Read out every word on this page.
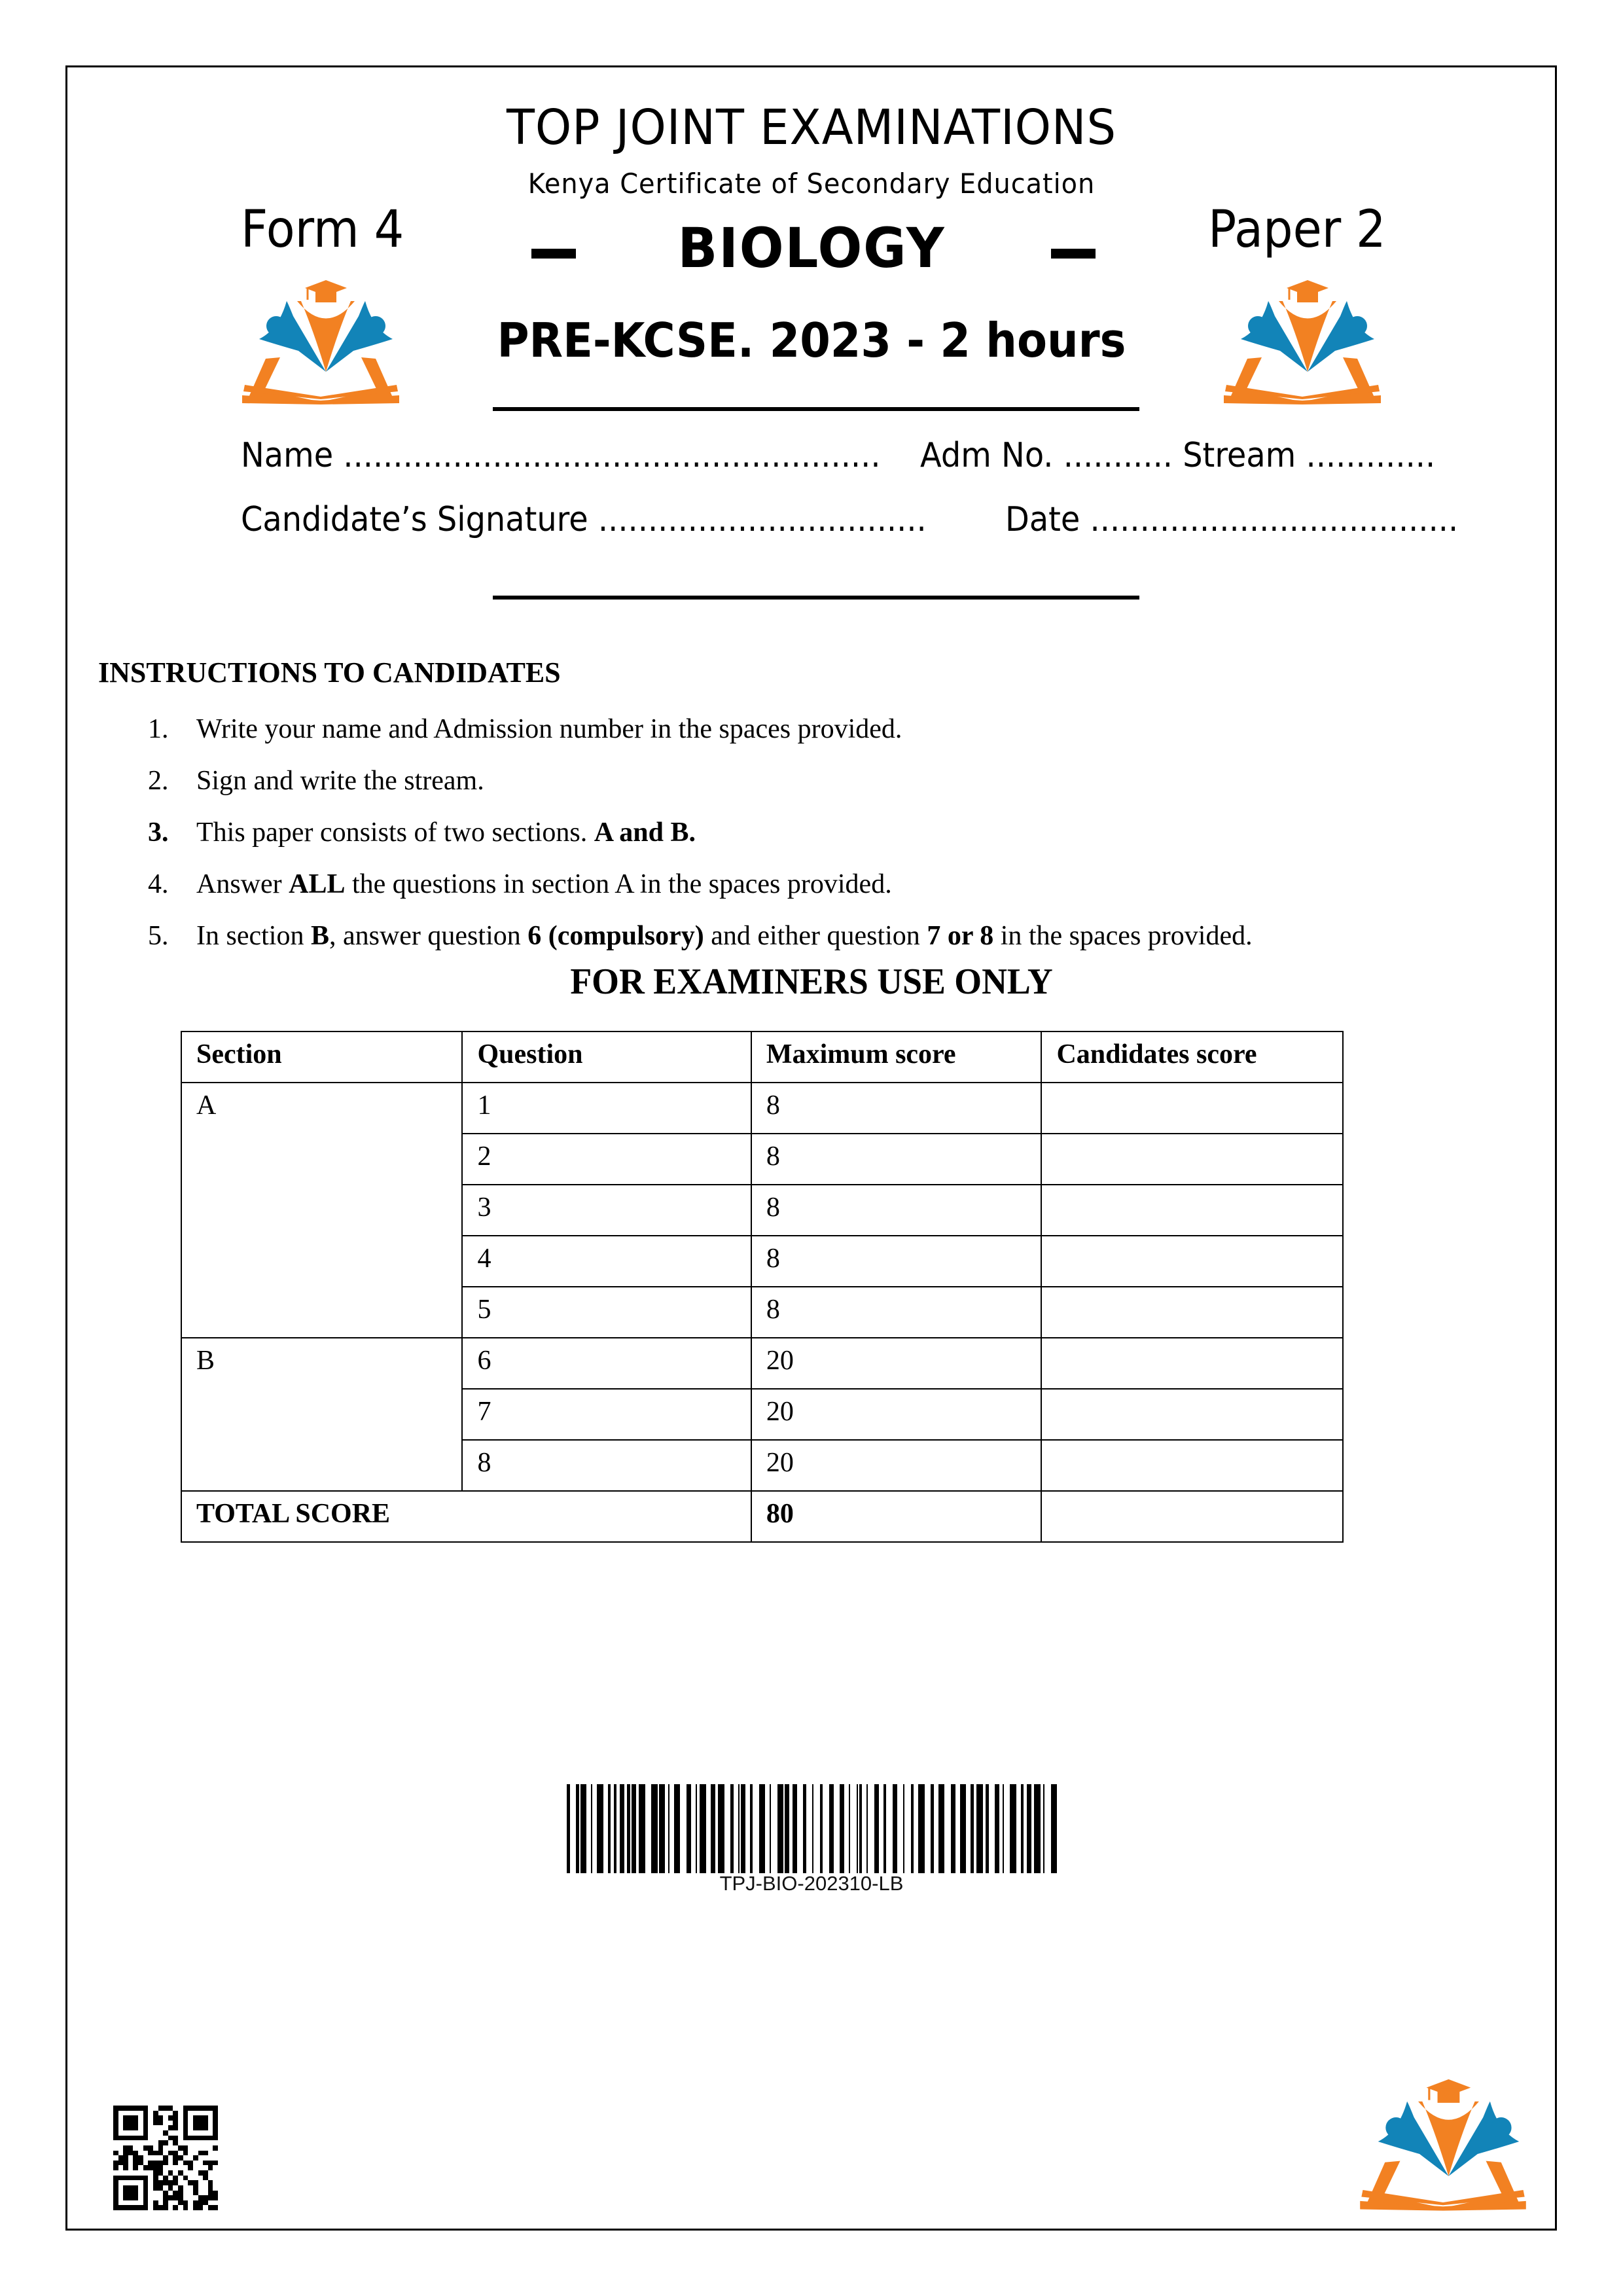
TOP JOINT EXAMINATIONS
Kenya Certificate of Secondary Education
Form 4	BIOLOGY	Paper 2
PRE-KCSE. 2023 - 2 hours
Name ...................................................... Adm No. ........... Stream .............
Candidate’s Signature ................................. Date .....................................
INSTRUCTIONS TO CANDIDATES
1. Write your name and Admission number in the spaces provided.
2. Sign and write the stream.
3. This paper consists of two sections. A and B.
4. Answer ALL the questions in section A in the spaces provided.
5. In section B, answer question 6 (compulsory) and either question 7 or 8 in the spaces provided.
FOR EXAMINERS USE ONLY
Section	Question	Maximum score	Candidates score
A	1	8	
	2	8	
	3	8	
	4	8	
	5	8	
B	6	20	
	7	20	
	8	20	
TOTAL SCORE		80	
TPJ-BIO-202310-LB
